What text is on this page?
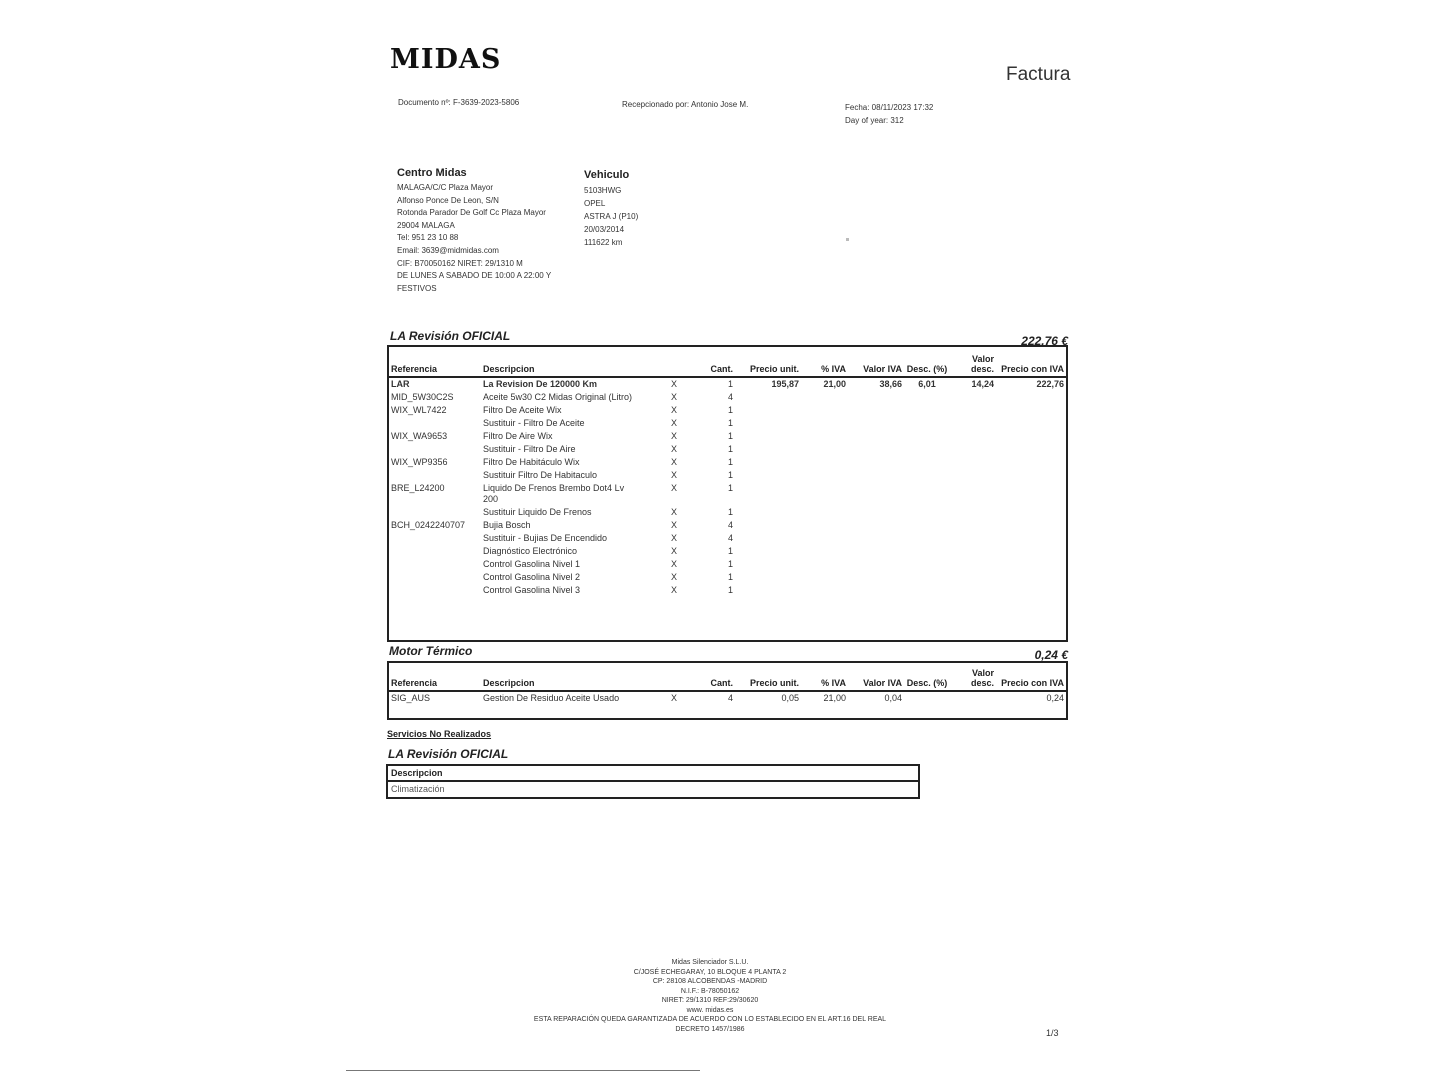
MIDAS	Factura
Documento nº: F-3639-2023-5806	Recepcionado por: Antonio Jose M.	Fecha: 08/11/2023 17:32
Day of year: 312
Centro Midas
MALAGA/C/C Plaza Mayor
Alfonso Ponce De Leon, S/N
Rotonda Parador De Golf Cc Plaza Mayor
29004 MALAGA
Tel: 951 23 10 88
Email: 3639@midmidas.com
CIF: B70050162 NIRET: 29/1310 M
DE LUNES A SABADO DE 10:00 A 22:00 Y
FESTIVOS
Vehiculo
5103HWG
OPEL
ASTRA J (P10)
20/03/2014
111622 km
LA Revisión OFICIAL	222,76 €
Referencia	Descripcion		Cant.	Precio unit.	% IVA	Valor IVA	Desc. (%)	Valor desc.	Precio con IVA
LAR	La Revision De 120000 Km	X	1	195,87	21,00	38,66	6,01	14,24	222,76
MID_5W30C2S	Aceite 5w30 C2 Midas Original (Litro)	X	4						
WIX_WL7422	Filtro De Aceite Wix	X	1						
	Sustituir - Filtro De Aceite	X	1						
WIX_WA9653	Filtro De Aire Wix	X	1						
	Sustituir - Filtro De Aire	X	1						
WIX_WP9356	Filtro De Habitáculo Wix	X	1						
	Sustituir Filtro De Habitaculo	X	1						
BRE_L24200	Liquido De Frenos Brembo Dot4 Lv 200	X	1						
	Sustituir Liquido De Frenos	X	1						
BCH_0242240707	Bujia Bosch	X	4						
	Sustituir - Bujias De Encendido	X	4						
	Diagnóstico Electrónico	X	1						
	Control Gasolina Nivel 1	X	1						
	Control Gasolina Nivel 2	X	1						
	Control Gasolina Nivel 3	X	1						
Motor Térmico	0,24 €
Referencia	Descripcion		Cant.	Precio unit.	% IVA	Valor IVA	Desc. (%)	Valor desc.	Precio con IVA
SIG_AUS	Gestion De Residuo Aceite Usado	X	4	0,05	21,00	0,04			0,24
Servicios No Realizados
LA Revisión OFICIAL
Descripcion
Climatización
Midas Silenciador S.L.U.
C/JOSÉ ECHEGARAY, 10 BLOQUE 4 PLANTA 2
CP: 28108 ALCOBENDAS -MADRID
N.I.F.: B-78050162
NIRET: 29/1310 REF:29/30620
www. midas.es
ESTA REPARACIÓN QUEDA GARANTIZADA DE ACUERDO CON LO ESTABLECIDO EN EL ART.16 DEL REAL
DECRETO 1457/1986	1/3
